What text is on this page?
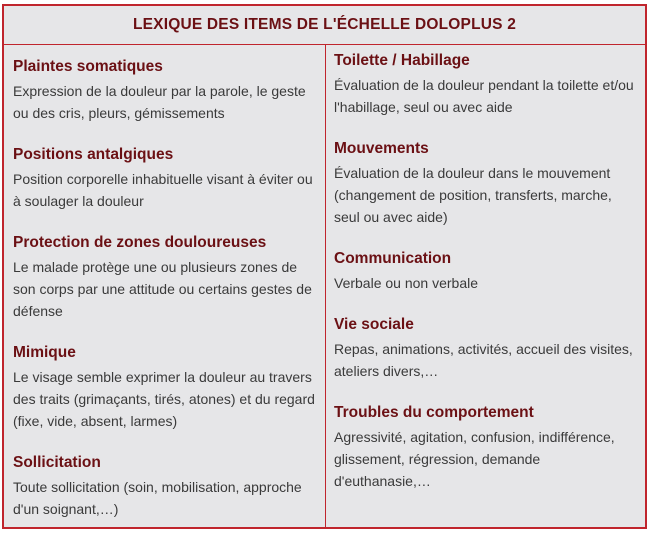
LEXIQUE DES ITEMS DE L'ÉCHELLE DOLOPLUS 2
Plaintes somatiques
Expression de la douleur par la parole, le geste ou des cris, pleurs, gémissements
Positions antalgiques
Position corporelle inhabituelle visant à éviter ou à soulager la douleur
Protection de zones douloureuses
Le malade protège une ou plusieurs zones de son corps par une attitude ou certains gestes de défense
Mimique
Le visage semble exprimer la douleur au travers des traits (grimaçants, tirés, atones) et du regard (fixe, vide, absent, larmes)
Sollicitation
Toute sollicitation (soin, mobilisation, approche d'un soignant,…)
Toilette / Habillage
Évaluation de la douleur pendant la toilette et/ou l'habillage, seul ou avec aide
Mouvements
Évaluation de la douleur dans le mouvement (changement de position, transferts, marche, seul ou avec aide)
Communication
Verbale ou non verbale
Vie sociale
Repas, animations, activités, accueil des visites, ateliers divers,…
Troubles du comportement
Agressivité, agitation, confusion, indifférence, glissement, régression, demande d'euthanasie,…
